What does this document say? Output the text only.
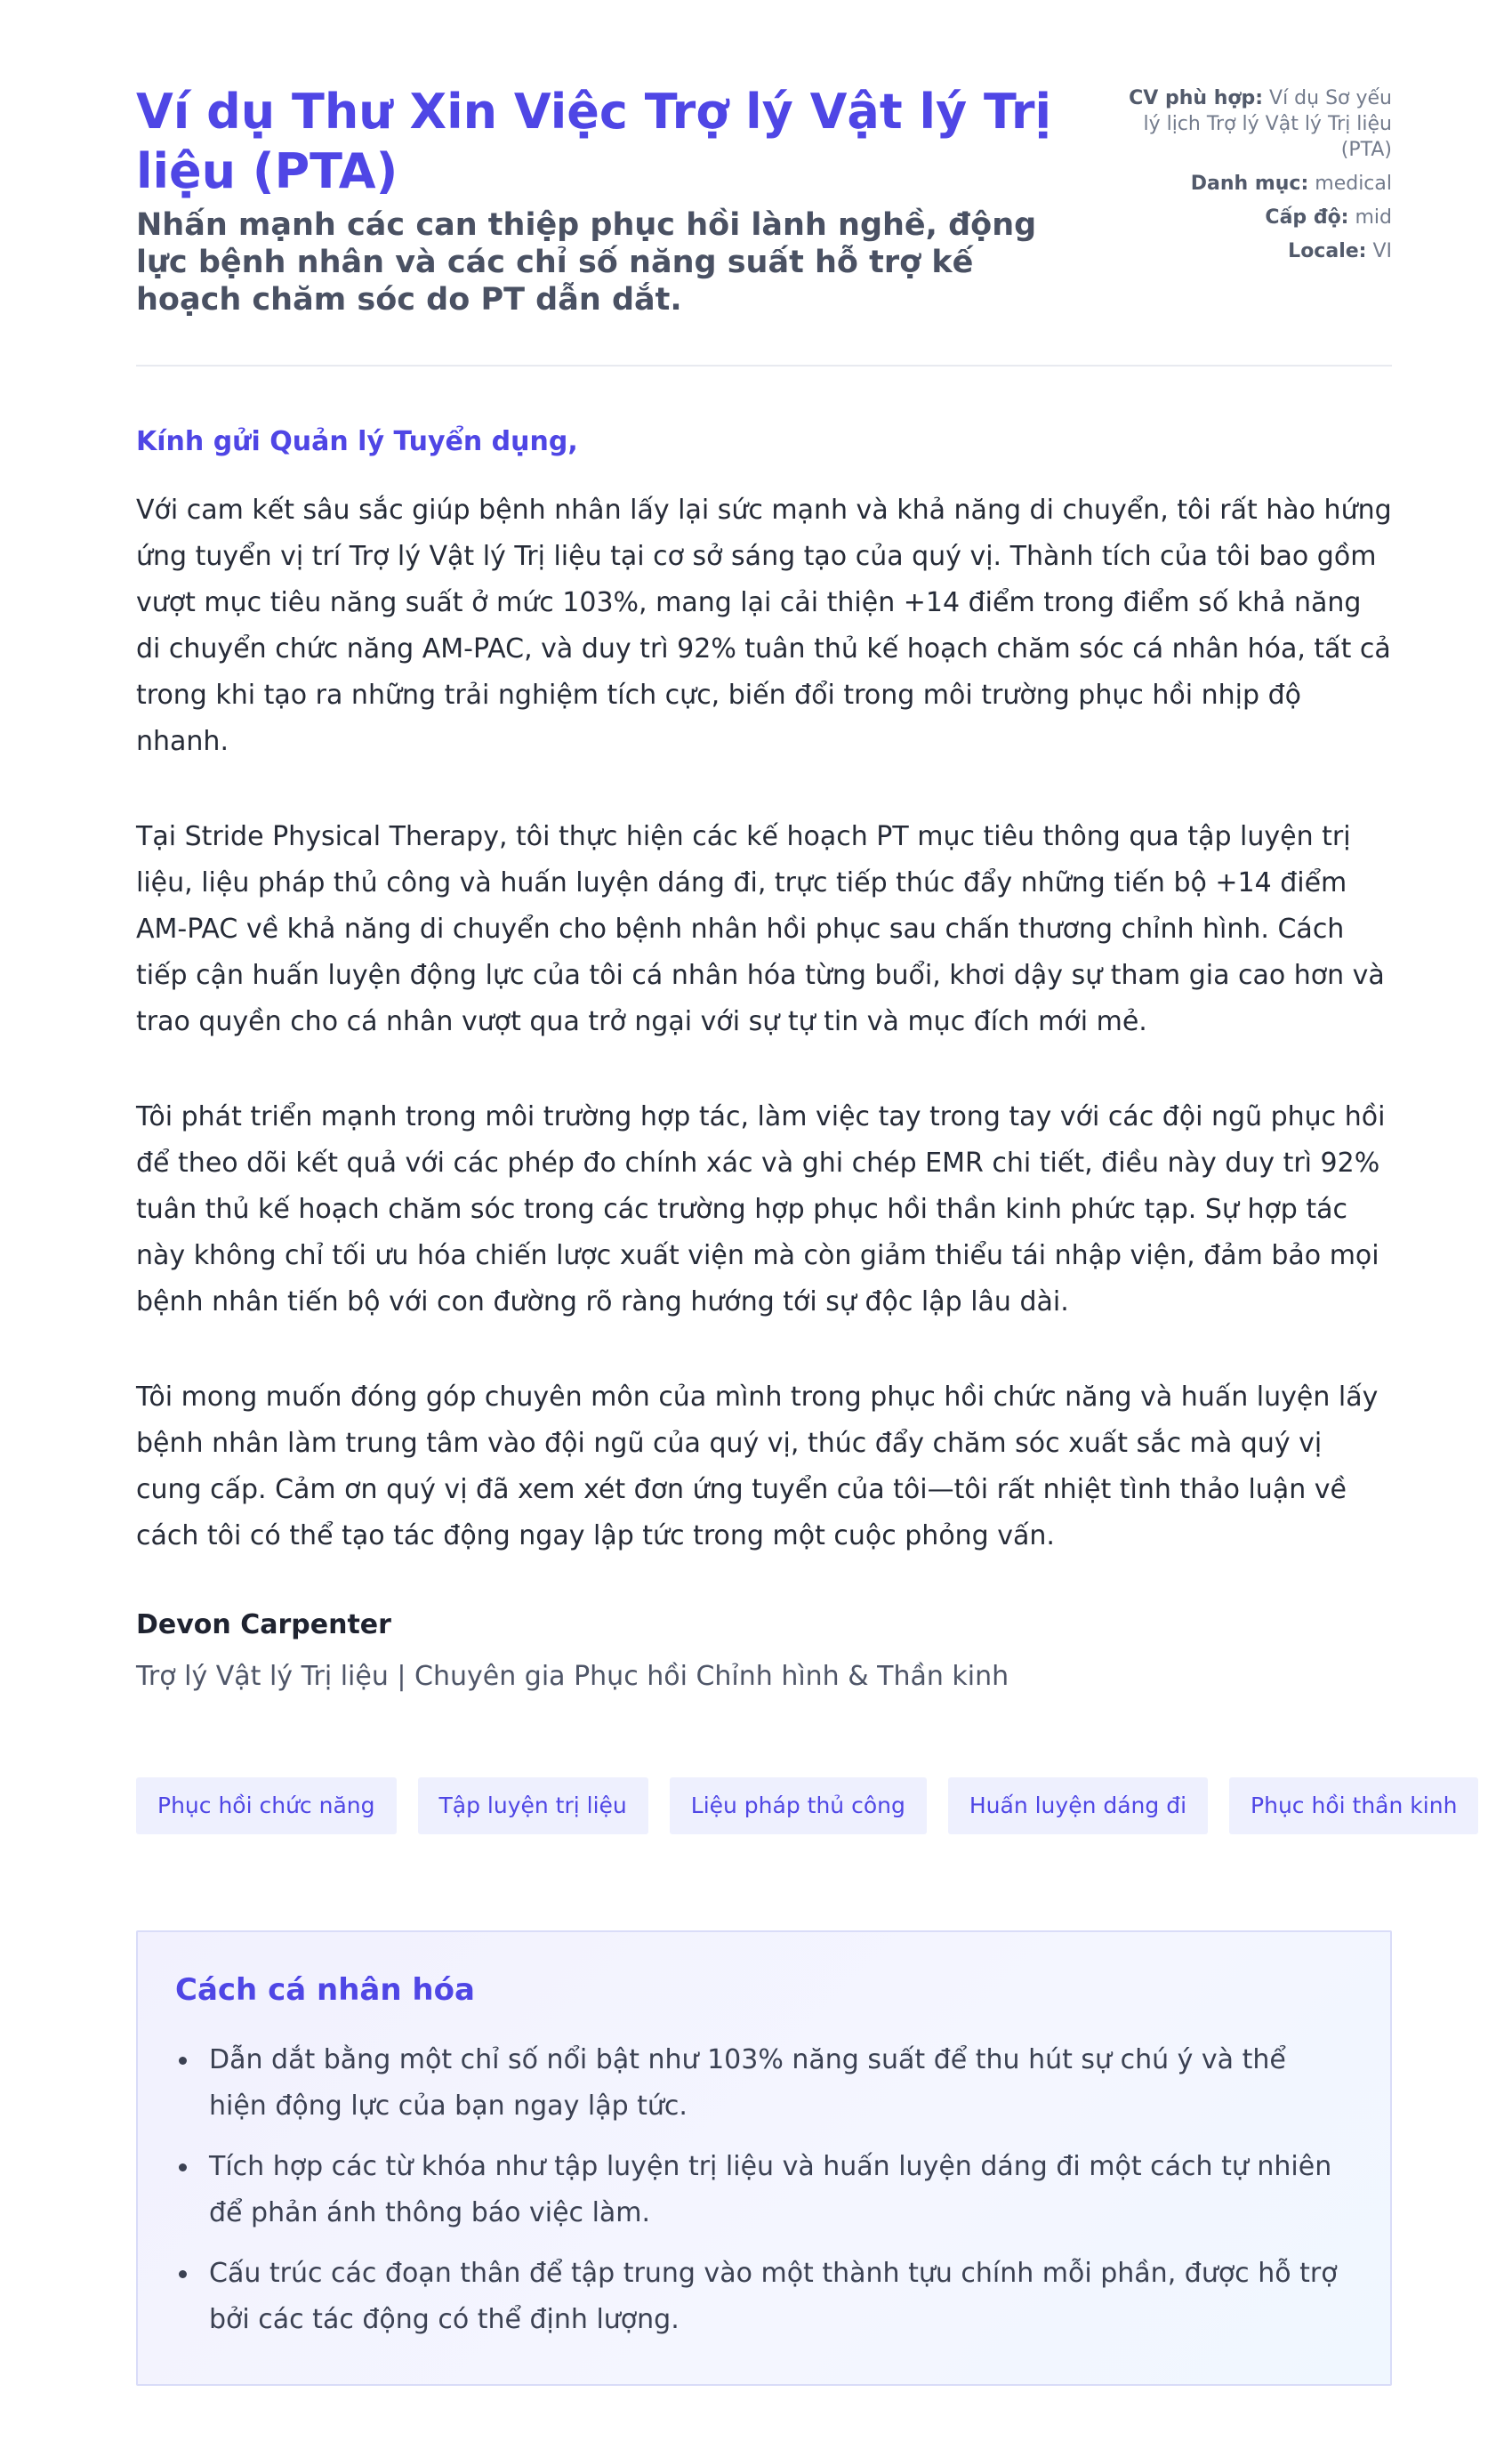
Ví dụ Thư Xin Việc Trợ lý Vật lý Trị liệu (PTA)
Nhấn mạnh các can thiệp phục hồi lành nghề, động lực bệnh nhân và các chỉ số năng suất hỗ trợ kế hoạch chăm sóc do PT dẫn dắt.
CV phù hợp: Ví dụ Sơ yếu lý lịch Trợ lý Vật lý Trị liệu (PTA)
Danh mục: medical
Cấp độ: mid
Locale: VI

Kính gửi Quản lý Tuyển dụng,

Với cam kết sâu sắc giúp bệnh nhân lấy lại sức mạnh và khả năng di chuyển, tôi rất hào hứng ứng tuyển vị trí Trợ lý Vật lý Trị liệu tại cơ sở sáng tạo của quý vị. Thành tích của tôi bao gồm vượt mục tiêu năng suất ở mức 103%, mang lại cải thiện +14 điểm trong điểm số khả năng di chuyển chức năng AM-PAC, và duy trì 92% tuân thủ kế hoạch chăm sóc cá nhân hóa, tất cả trong khi tạo ra những trải nghiệm tích cực, biến đổi trong môi trường phục hồi nhịp độ nhanh.

Tại Stride Physical Therapy, tôi thực hiện các kế hoạch PT mục tiêu thông qua tập luyện trị liệu, liệu pháp thủ công và huấn luyện dáng đi, trực tiếp thúc đẩy những tiến bộ +14 điểm AM-PAC về khả năng di chuyển cho bệnh nhân hồi phục sau chấn thương chỉnh hình. Cách tiếp cận huấn luyện động lực của tôi cá nhân hóa từng buổi, khơi dậy sự tham gia cao hơn và trao quyền cho cá nhân vượt qua trở ngại với sự tự tin và mục đích mới mẻ.

Tôi phát triển mạnh trong môi trường hợp tác, làm việc tay trong tay với các đội ngũ phục hồi để theo dõi kết quả với các phép đo chính xác và ghi chép EMR chi tiết, điều này duy trì 92% tuân thủ kế hoạch chăm sóc trong các trường hợp phục hồi thần kinh phức tạp. Sự hợp tác này không chỉ tối ưu hóa chiến lược xuất viện mà còn giảm thiểu tái nhập viện, đảm bảo mọi bệnh nhân tiến bộ với con đường rõ ràng hướng tới sự độc lập lâu dài.

Tôi mong muốn đóng góp chuyên môn của mình trong phục hồi chức năng và huấn luyện lấy bệnh nhân làm trung tâm vào đội ngũ của quý vị, thúc đẩy chăm sóc xuất sắc mà quý vị cung cấp. Cảm ơn quý vị đã xem xét đơn ứng tuyển của tôi—tôi rất nhiệt tình thảo luận về cách tôi có thể tạo tác động ngay lập tức trong một cuộc phỏng vấn.

Devon Carpenter

Trợ lý Vật lý Trị liệu | Chuyên gia Phục hồi Chỉnh hình & Thần kinh

Phục hồi chức năng	Tập luyện trị liệu	Liệu pháp thủ công	Huấn luyện dáng đi	Phục hồi thần kinh
Cách cá nhân hóa
Dẫn dắt bằng một chỉ số nổi bật như 103% năng suất để thu hút sự chú ý và thể hiện động lực của bạn ngay lập tức.
Tích hợp các từ khóa như tập luyện trị liệu và huấn luyện dáng đi một cách tự nhiên để phản ánh thông báo việc làm.
Cấu trúc các đoạn thân để tập trung vào một thành tựu chính mỗi phần, được hỗ trợ bởi các tác động có thể định lượng.
